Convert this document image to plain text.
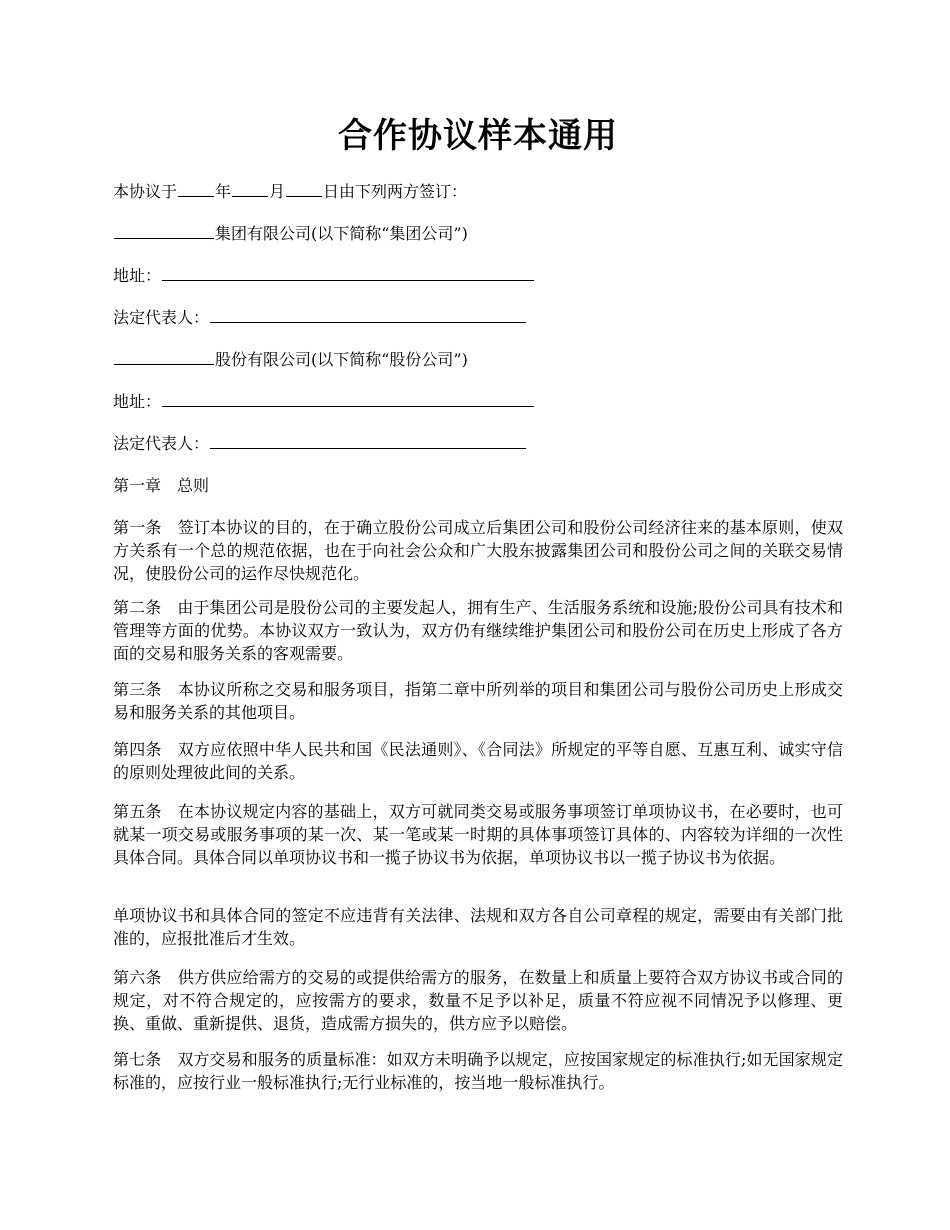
合作协议样本通用
本协议于 年 月 日由下列两方签订：
集团有限公司(以下简称“集团公司”)
地址：
法定代表人：
股份有限公司(以下简称“股份公司”)
地址：
法定代表人：
第一章 总则

第一条 签订本协议的目的，在于确立股份公司成立后集团公司和股份公司经济往来的基本原则，使双方关系有一个总的规范依据，也在于向社会公众和广大股东披露集团公司和股份公司之间的关联交易情况，使股份公司的运作尽快规范化。

第二条 由于集团公司是股份公司的主要发起人，拥有生产、生活服务系统和设施;股份公司具有技术和管理等方面的优势。本协议双方一致认为，双方仍有继续维护集团公司和股份公司在历史上形成了各方面的交易和服务关系的客观需要。

第三条 本协议所称之交易和服务项目，指第二章中所列举的项目和集团公司与股份公司历史上形成交易和服务关系的其他项目。

第四条 双方应依照中华人民共和国《民法通则》、《合同法》所规定的平等自愿、互惠互利、诚实守信的原则处理彼此间的关系。

第五条 在本协议规定内容的基础上，双方可就同类交易或服务事项签订单项协议书，在必要时，也可就某一项交易或服务事项的某一次、某一笔或某一时期的具体事项签订具体的、内容较为详细的一次性具体合同。具体合同以单项协议书和一揽子协议书为依据，单项协议书以一揽子协议书为依据。

单项协议书和具体合同的签定不应违背有关法律、法规和双方各自公司章程的规定，需要由有关部门批准的，应报批准后才生效。

第六条 供方供应给需方的交易的或提供给需方的服务，在数量上和质量上要符合双方协议书或合同的规定，对不符合规定的，应按需方的要求，数量不足予以补足，质量不符应视不同情况予以修理、更换、重做、重新提供、退货，造成需方损失的，供方应予以赔偿。

第七条 双方交易和服务的质量标准：如双方未明确予以规定，应按国家规定的标准执行;如无国家规定标准的，应按行业一般标准执行;无行业标准的，按当地一般标准执行。
